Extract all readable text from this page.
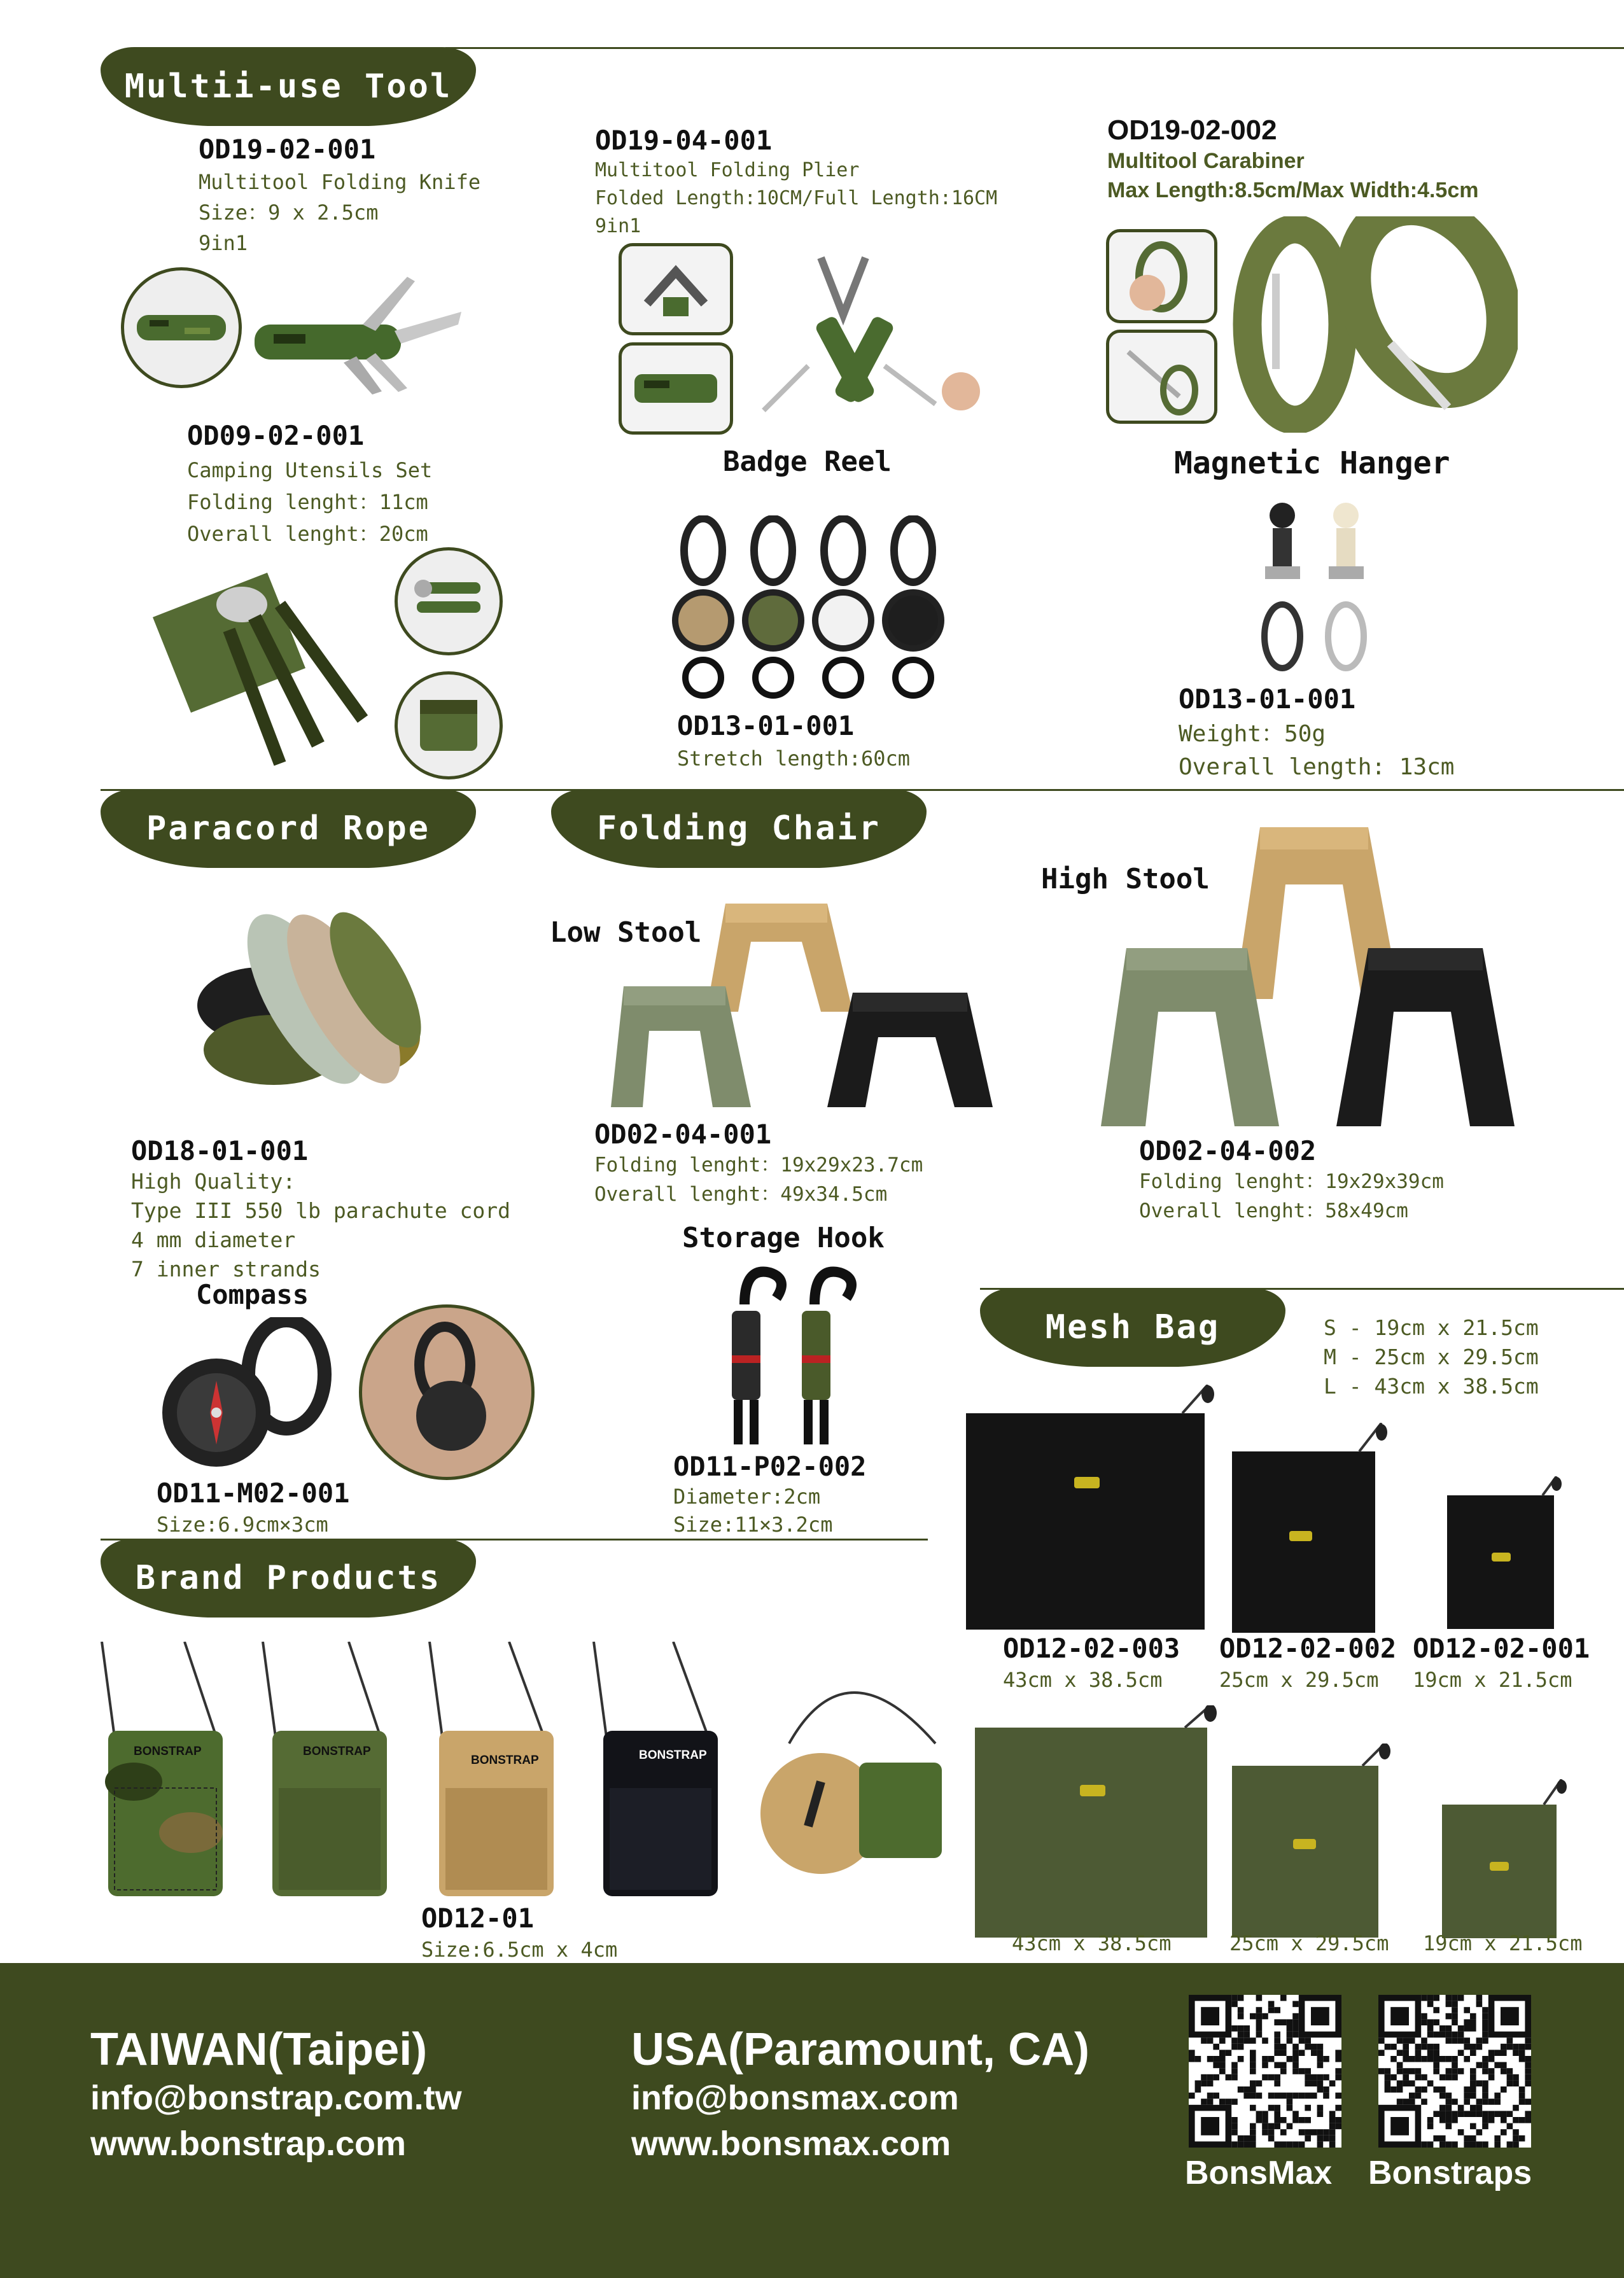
Multii-use Tool
OD19-02-001
Multitool Folding Knife
Size：9 x 2.5cm
9in1
OD19-04-001
Multitool Folding Plier
Folded Length:10CM/Full Length:16CM
9in1
OD19-02-002
Multitool Carabiner
Max Length:8.5cm/Max Width:4.5cm
OD09-02-001
Camping Utensils Set
Folding lenght：11cm
Overall lenght：20cm
Badge Reel
OD13-01-001
Stretch length:60cm
Magnetic Hanger
OD13-01-001
Weight：50g
Overall length: 13cm
Paracord Rope	Folding Chair
OD18-01-001
High Quality:
Type III 550 lb parachute cord
4 mm diameter
7 inner strands
Low Stool
OD02-04-001
Folding lenght：19x29x23.7cm
Overall lenght：49x34.5cm
High Stool
OD02-04-002
Folding lenght：19x29x39cm
Overall lenght：58x49cm
Compass
OD11-M02-001
Size:6.9cm×3cm
Storage Hook
OD11-P02-002
Diameter:2cm
Size:11×3.2cm
Mesh Bag	S - 19cm x 21.5cm
M - 25cm x 29.5cm
L - 43cm x 38.5cm
OD12-02-003
43cm x 38.5cm
OD12-02-002
25cm x 29.5cm
OD12-02-001
19cm x 21.5cm
43cm x 38.5cm	25cm x 29.5cm 19cm x 21.5cm
Brand Products
BONSTRAP	BONSTRAP
BONSTRAP	BONSTRAP
OD12-01
Size:6.5cm x 4cm
TAIWAN(Taipei)
info@bonstrap.com.tw
www.bonstrap.com
USA(Paramount, CA)
info@bonsmax.com
www.bonsmax.com
BonsMax Bonstraps
